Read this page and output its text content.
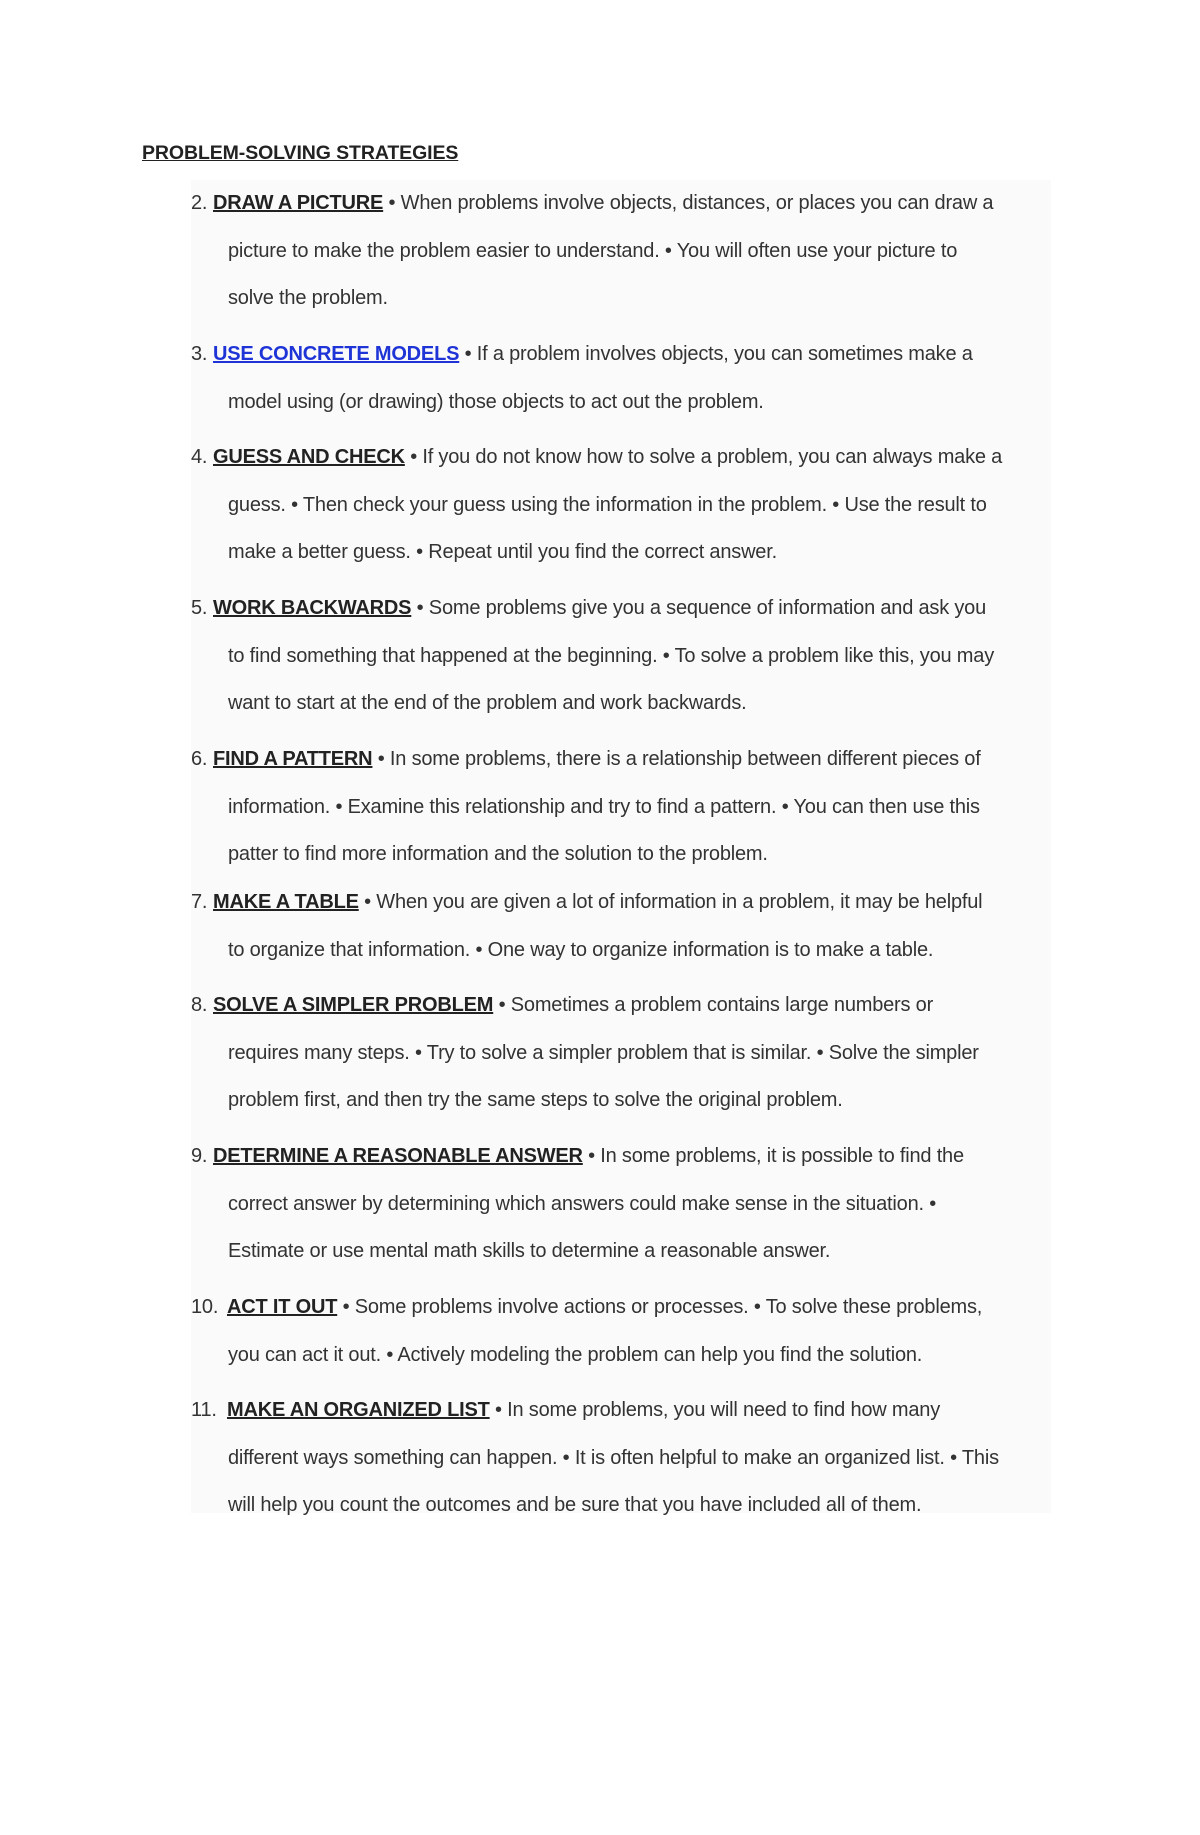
PROBLEM-SOLVING STRATEGIES
2. DRAW A PICTURE • When problems involve objects, distances, or places you can draw a
picture to make the problem easier to understand. • You will often use your picture to
solve the problem.
3. USE CONCRETE MODELS • If a problem involves objects, you can sometimes make a
model using (or drawing) those objects to act out the problem.
4. GUESS AND CHECK • If you do not know how to solve a problem, you can always make a
guess. • Then check your guess using the information in the problem. • Use the result to
make a better guess. • Repeat until you find the correct answer.
5. WORK BACKWARDS • Some problems give you a sequence of information and ask you
to find something that happened at the beginning. • To solve a problem like this, you may
want to start at the end of the problem and work backwards.
6. FIND A PATTERN • In some problems, there is a relationship between different pieces of
information. • Examine this relationship and try to find a pattern. • You can then use this
patter to find more information and the solution to the problem.
7. MAKE A TABLE • When you are given a lot of information in a problem, it may be helpful
to organize that information. • One way to organize information is to make a table.
8. SOLVE A SIMPLER PROBLEM • Sometimes a problem contains large numbers or
requires many steps. • Try to solve a simpler problem that is similar. • Solve the simpler
problem first, and then try the same steps to solve the original problem.
9. DETERMINE A REASONABLE ANSWER • In some problems, it is possible to find the
correct answer by determining which answers could make sense in the situation. •
Estimate or use mental math skills to determine a reasonable answer.
10. ACT IT OUT • Some problems involve actions or processes. • To solve these problems,
you can act it out. • Actively modeling the problem can help you find the solution.
11. MAKE AN ORGANIZED LIST • In some problems, you will need to find how many
different ways something can happen. • It is often helpful to make an organized list. • This
will help you count the outcomes and be sure that you have included all of them.
